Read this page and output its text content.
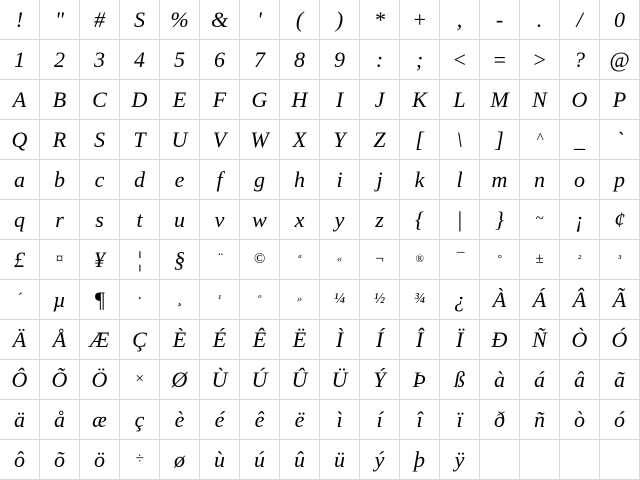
! " # S % & ' ( ) * + , - . / 0
1 2 3 4 5 6 7 8 9 : ; < = > ? @
A B C D E F G H I J K L M N O P
Q R S T U V W X Y Z [ \ ] ^ _ `
a b c d e f g h i j k l m n o p
q r s t u v w x y z { | } ~ ¡ ¢
£ ¤ ¥ ¦ § ¨ ©	ª	« ¬	® ¯	° ±	²	³
´ µ ¶ · ¸	¹	º	» ¼ ½ ¾ ¿ À Á Â Ã
Ä Å Æ Ç È É Ê Ë Ì Í Î Ï Ð Ñ Ò Ó
Ô Õ Ö × Ø Ù Ú Û Ü Ý Þ ß à á â ã
ä å æ ç è é ê ë ì í î ï ð ñ ò ó
ô õ ö ÷ ø ù ú û ü ý þ ÿ
